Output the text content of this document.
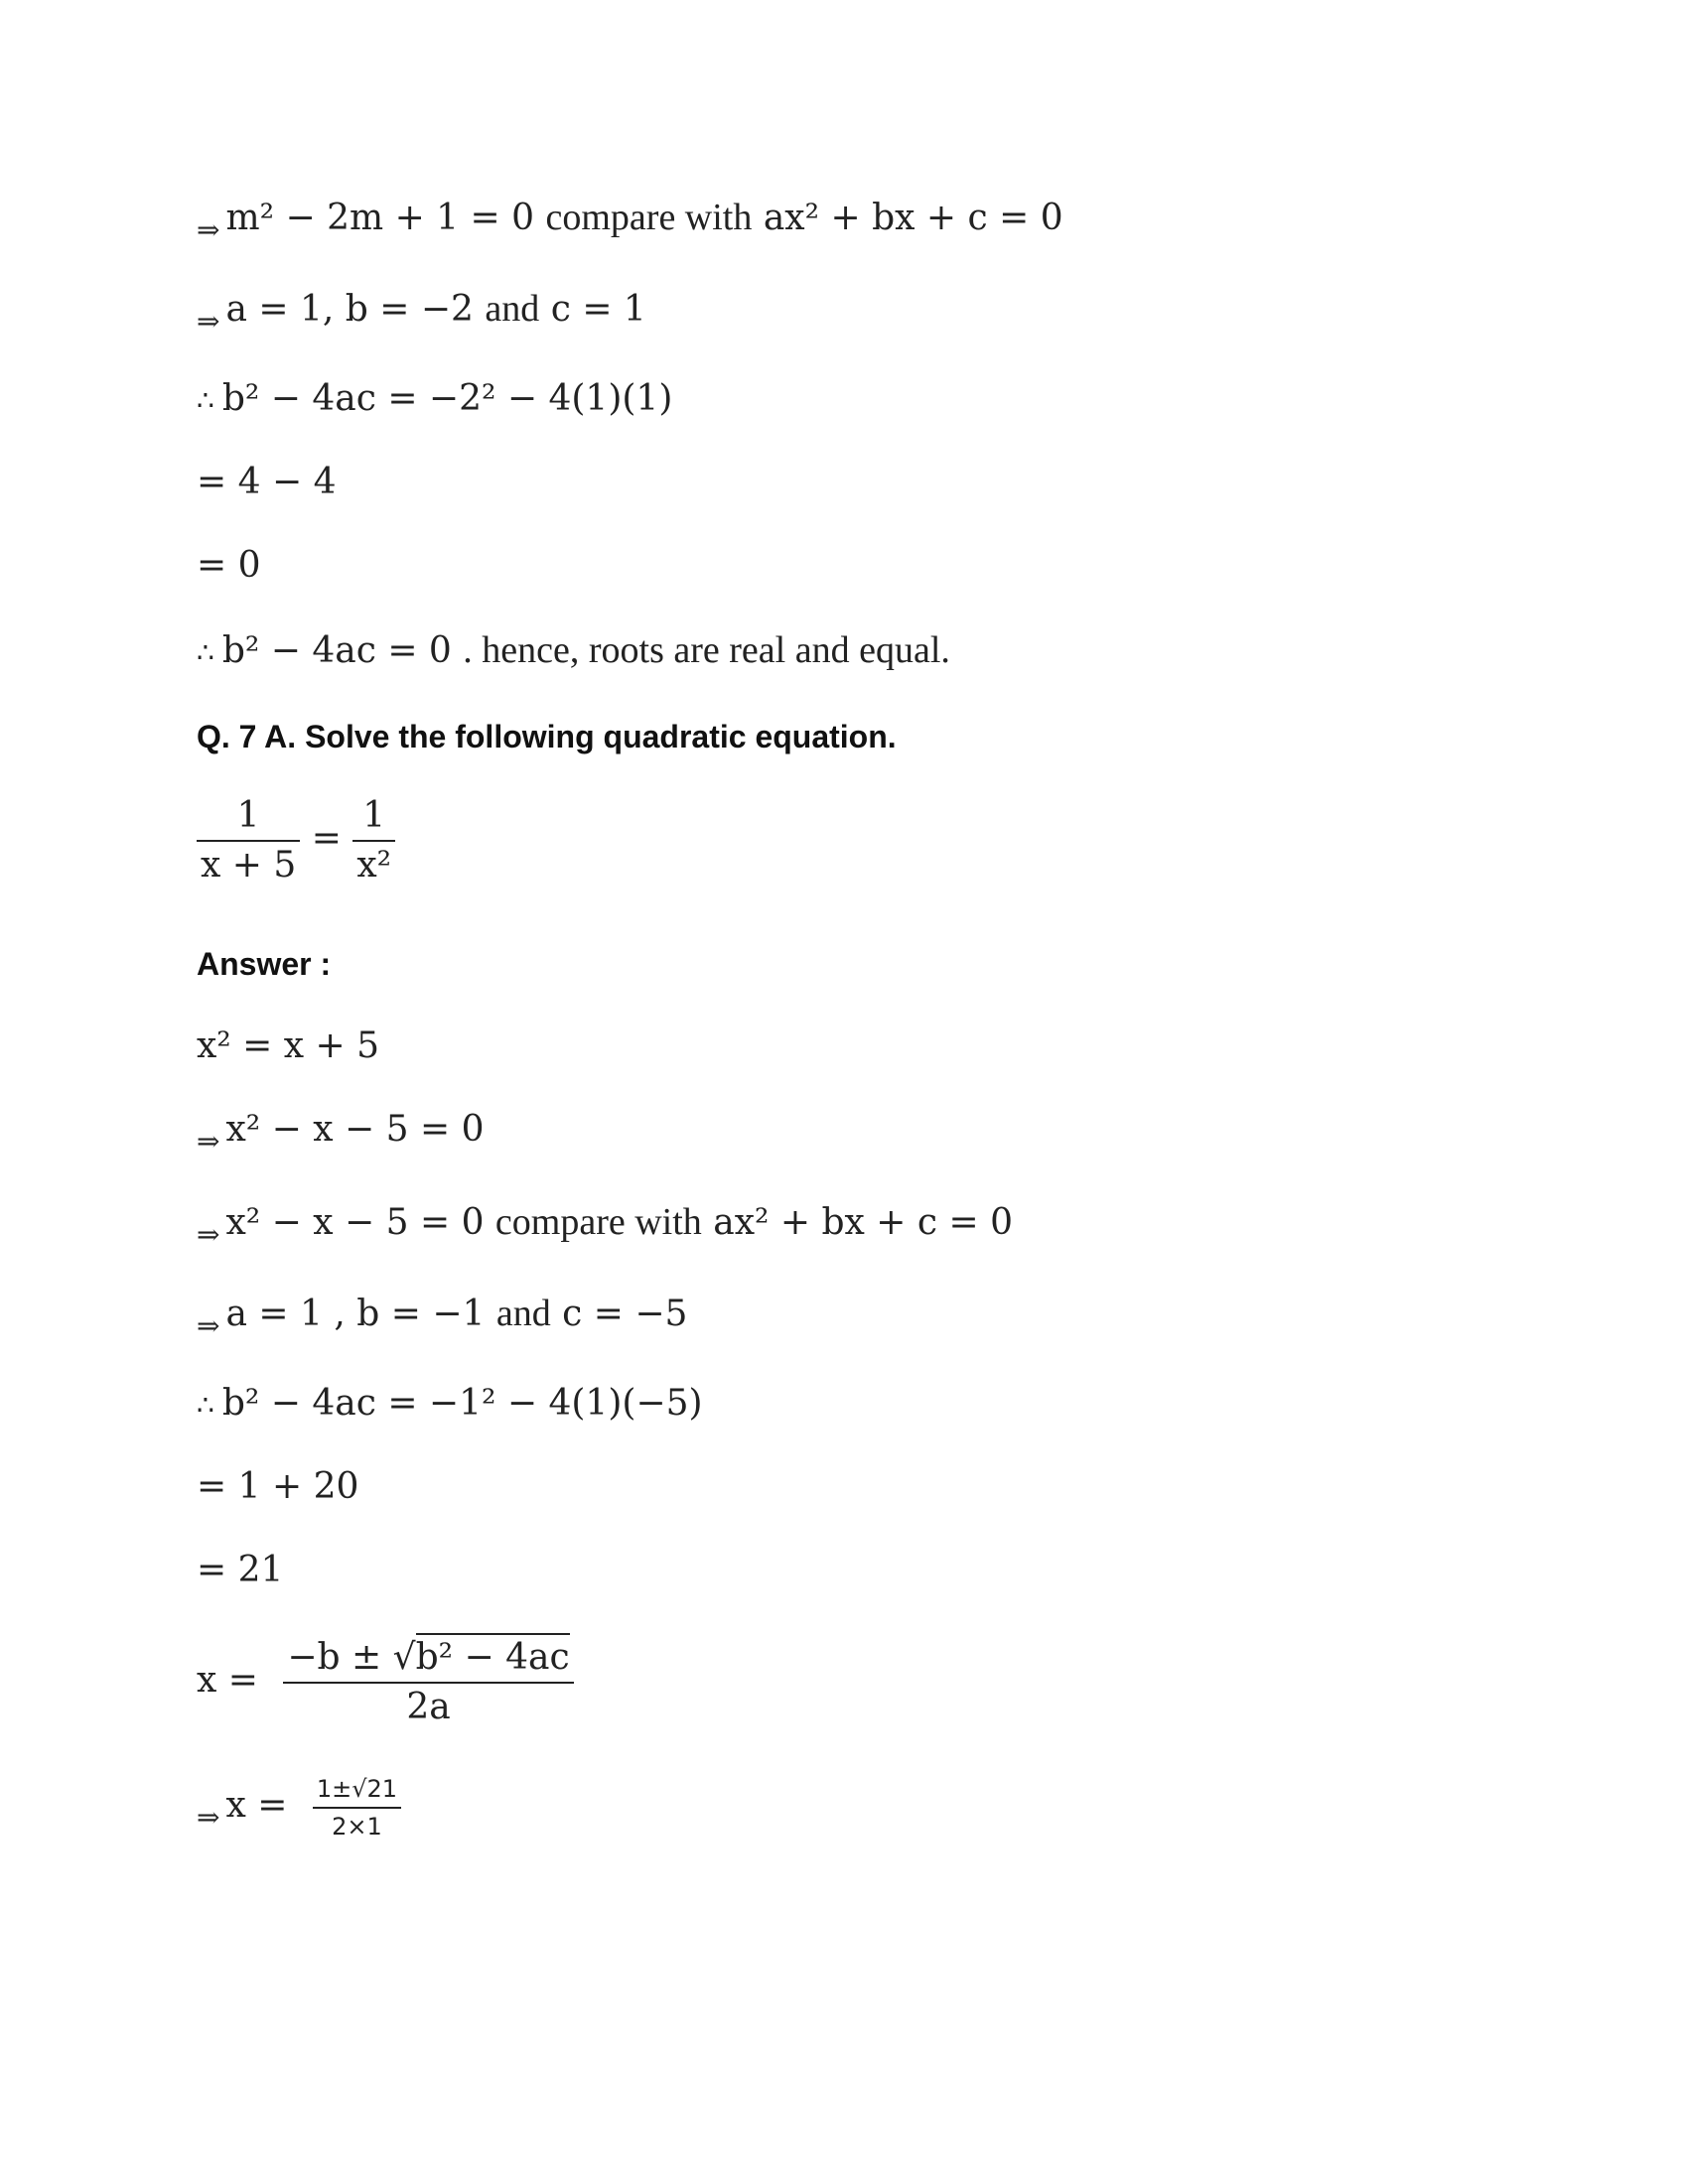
$_\Rightarrow$ m² − 2m + 1 = 0 compare with ax² + bx + c = 0
$_\Rightarrow$ a = 1, b = −2 and c = 1
∴ b² − 4ac = −2² − 4(1)(1)
= 4 − 4
= 0
∴ b² − 4ac = 0 . hence, roots are real and equal.
Q. 7 A. Solve the following quadratic equation.
$\frac{1}{x + 5} = \frac{1}{\text{x²}}$
Answer :
x² = x + 5
$_\Rightarrow$ x² − x − 5 = 0
$_\Rightarrow$ x² − x − 5 = 0 compare with ax² + bx + c = 0
$_\Rightarrow$ a = 1 , b = −1 and c = −5
∴ b² − 4ac = −1² − 4(1)(−5)
= 1 + 20
= 21
$x = \frac{\text{−b ± √b² − 4ac}}{2a}$
$_\Rightarrow$ $x = \frac{1\pm√21}{2\times 1}$
